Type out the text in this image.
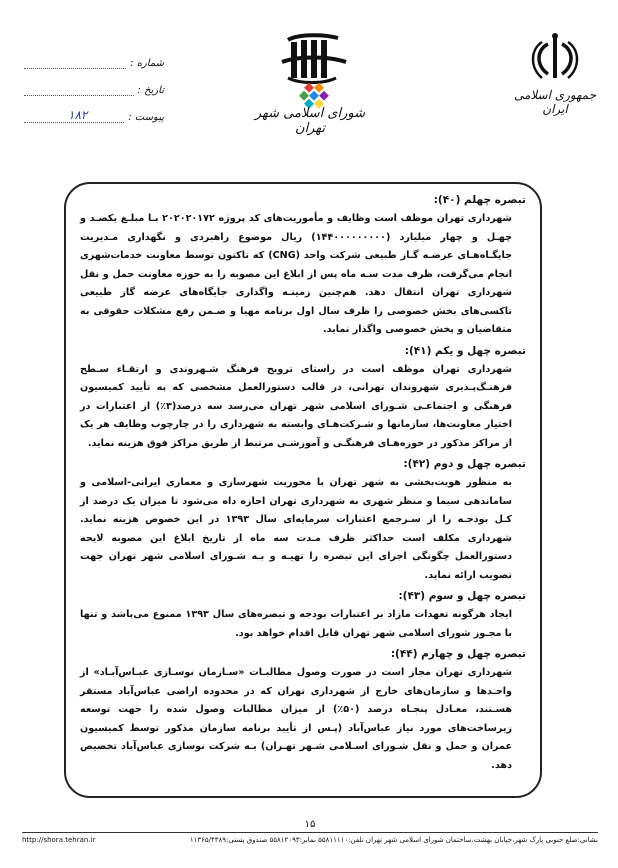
شماره :
تاریخ :
پیوست :
۱۸۲	شورای اسلامی شهر تهران
جمهوری اسلامی ایران
تبصره چهلم (۴۰):

شهرداری تهران موظف است وظایف و مأموریت‌های کد پروژه ۲۰۲۰۲۰۱۷۲ بـا مبلـغ یکصـد و چهـل و چهار میلیارد (۱۴۴۰۰۰۰۰۰۰۰۰) ریال موضوع راهبردی و نگهداری مـدیریت جایگـاه‌هـای عرضـه گـاز طبیعی شرکت واحد (CNG) که تاکنون توسط معاونت خدمات‌شهری انجام می‌گرفت، ظرف مدت سـه ماه پس از ابلاغ این مصوبه را به حوزه معاونت حمل و نقل شهرداری تهران انتقال دهد. هم‌چنین زمینـه واگذاری جایگاه‌های عرضه گاز طبیعی تاکسی‌های بخش خصوصی را ظرف سال اول برنامه مهیا و ضـمن رفع مشکلات حقوقی به متقاضیان و بخش خصوصی واگذار نماید.

تبصره چهل و یکم (۴۱):

شهرداری تهران موظف است در راستای ترویج فرهنگ شـهروندی و ارتقـاء سـطح فرهنـگ‌پـذیری شهروندان تهرانی، در قالب دستورالعمل مشخصی که به تأیید کمیسیون فرهنگی و اجتماعـی شـورای اسلامی شهر تهران می‌رسد سه درصد(۳٪) از اعتبارات در اختیار معاونت‌ها، سازمانها و شـرکت‌هـای وابسته به شهرداری را در چارچوب وظایف هر یک از مراکز مذکور در حوزه‌هـای فرهنگـی و آموزشـی مرتبط از طریق مراکز فوق هزینه نماید.

تبصره چهل و دوم (۴۲):

به منظور هویت‌بخشی به شهر تهران با محوریت شهرسازی و معماری ایرانی-اسلامی و ساماندهی سیما و منظر شهری به شهرداری تهران اجازه داه می‌شود تا میزان یک درصد از کـل بودجـه را از سـرجمع اعتبارات سرمایه‌ای سال ۱۳۹۳ در این خصوص هزینه نماید. شهرداری مکلف است حداکثر ظرف مـدت سه ماه از تاریخ ابلاغ این مصوبه لایحه دستورالعمل چگونگی اجرای این تبصره را تهیـه و بـه شـورای اسلامی شهر تهران جهت تصویب ارائه نماید.

تبصره چهل و سوم (۴۳):

ایجاد هرگونه تعهدات مازاد بر اعتبارات بودجه و تبصره‌های سال ۱۳۹۳ ممنوع می‌باشد و تنها با مجـوز شورای اسلامی شهر تهران قابل اقدام خواهد بود.

تبصره چهل و چهارم (۴۴):

شهرداری تهران مجاز است در صورت وصول مطالبـات «سـازمان نوسـازی عبـاس‌آبـاد» از واحـدها و سازمان‌های خارج از شهرداری تهران که در محدوده اراضی عباس‌آباد مستقر هسـتند، معـادل پنجـاه درصد (۵۰٪) از میزان مطالبات وصول شده را جهت توسعه زیرساخت‌های مورد نیاز عباس‌آباد (پـس از تأیید برنامه سازمان مذکور توسط کمیسیون عمران و حمل و نقل شـورای اسـلامی شـهر تهـران) بـه شرکت نوسازی عباس‌آباد تخصیص دهد.

۱۵
نشانی:ضلع جنوبی پارک شهر،خیابان بهشت،ساختمان شورای اسلامی شهر تهران تلفن:۵۵۸۱۱۱۱۰ نمابر:۵۵۸۱۲۰۹۳ صندوق پستی:۱۱۳۶۵/۴۳۸۹
http://shora.tehran.ir
